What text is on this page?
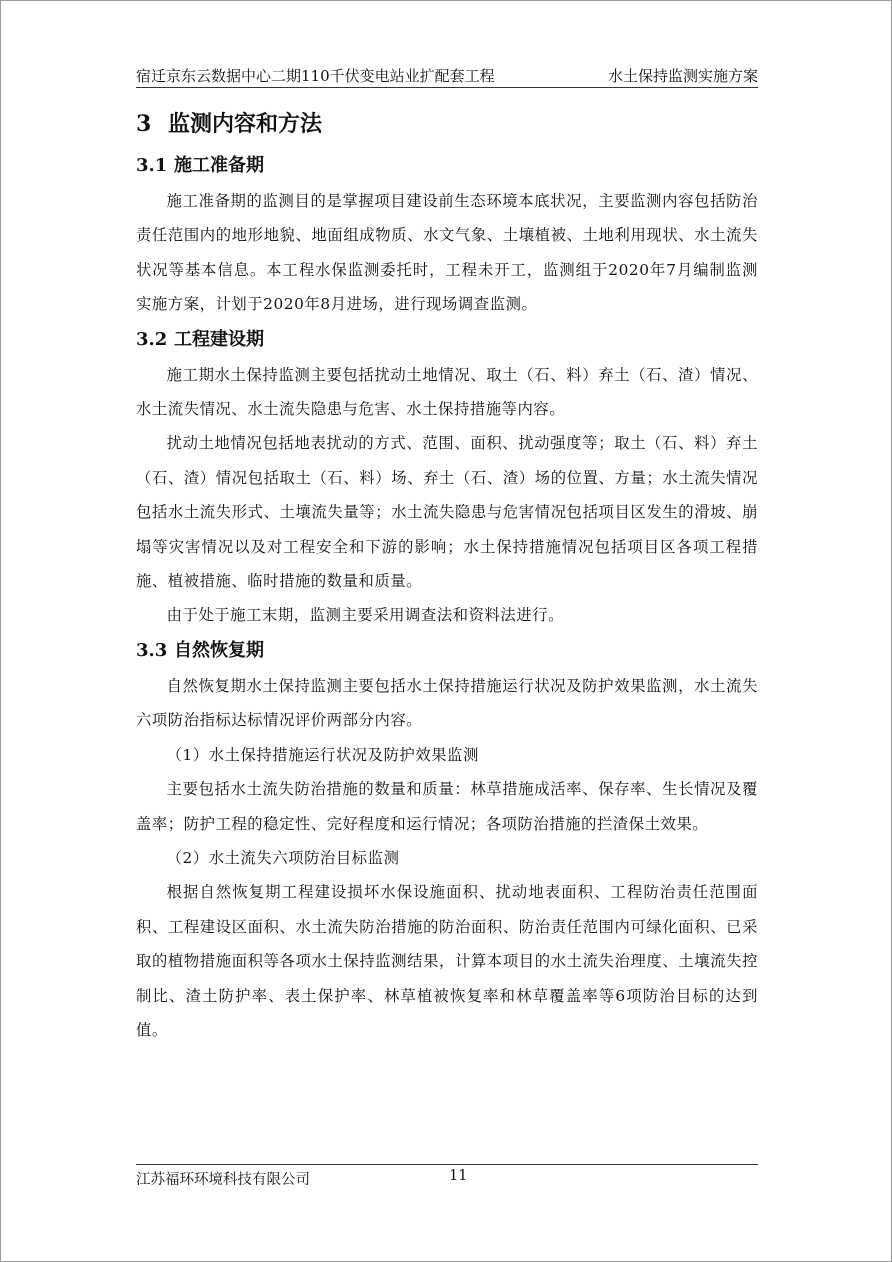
宿迁京东云数据中心二期110千伏变电站业扩配套工程	水土保持监测实施方案
3 监测内容和方法
3.1 施工准备期

施工准备期的监测目的是掌握项目建设前生态环境本底状况，主要监测内容包括防治责任范围内的地形地貌、地面组成物质、水文气象、土壤植被、土地利用现状、水土流失状况等基本信息。本工程水保监测委托时，工程未开工，监测组于2020年7月编制监测实施方案，计划于2020年8月进场，进行现场调查监测。

3.2 工程建设期

施工期水土保持监测主要包括扰动土地情况、取土（石、料）弃土（石、渣）情况、水土流失情况、水土流失隐患与危害、水土保持措施等内容。

扰动土地情况包括地表扰动的方式、范围、面积、扰动强度等；取土（石、料）弃土（石、渣）情况包括取土（石、料）场、弃土（石、渣）场的位置、方量；水土流失情况包括水土流失形式、土壤流失量等；水土流失隐患与危害情况包括项目区发生的滑坡、崩塌等灾害情况以及对工程安全和下游的影响；水土保持措施情况包括项目区各项工程措施、植被措施、临时措施的数量和质量。

由于处于施工末期，监测主要采用调查法和资料法进行。

3.3 自然恢复期

自然恢复期水土保持监测主要包括水土保持措施运行状况及防护效果监测，水土流失六项防治指标达标情况评价两部分内容。

（1）水土保持措施运行状况及防护效果监测

主要包括水土流失防治措施的数量和质量：林草措施成活率、保存率、生长情况及覆盖率；防护工程的稳定性、完好程度和运行情况；各项防治措施的拦渣保土效果。

（2）水土流失六项防治目标监测

根据自然恢复期工程建设损坏水保设施面积、扰动地表面积、工程防治责任范围面积、工程建设区面积、水土流失防治措施的防治面积、防治责任范围内可绿化面积、已采取的植物措施面积等各项水土保持监测结果，计算本项目的水土流失治理度、土壤流失控制比、渣土防护率、表土保护率、林草植被恢复率和林草覆盖率等6项防治目标的达到值。

江苏福环环境科技有限公司	11
